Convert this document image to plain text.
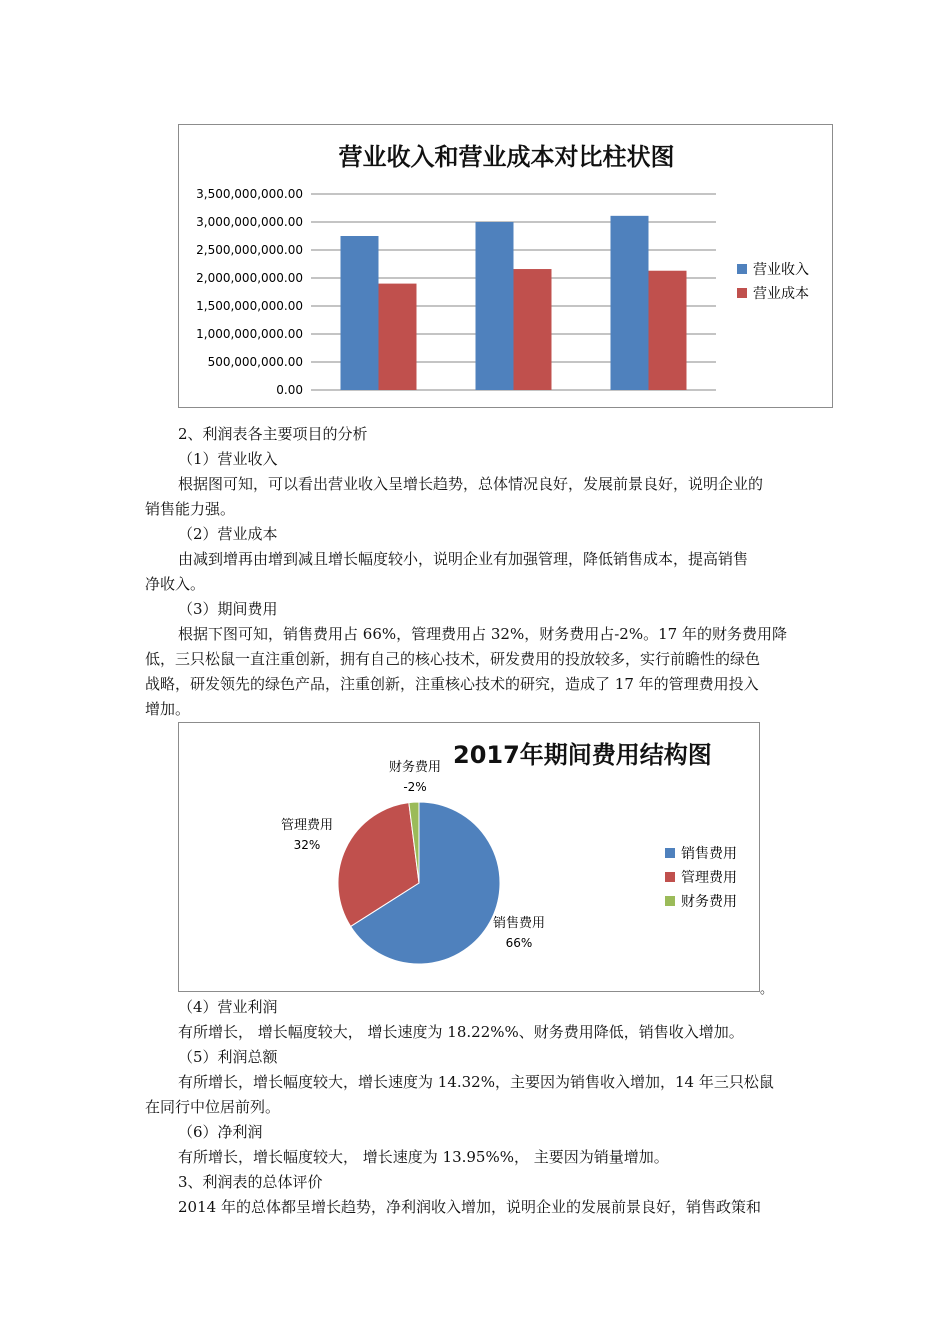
营业收入和营业成本对比柱状图
0.00
500,000,000.00
1,000,000,000.00
1,500,000,000.00
2,000,000,000.00
2,500,000,000.00
3,000,000,000.00
3,500,000,000.00
营业收入
营业成本
2、利润表各主要项目的分析
（1）营业收入
根据图可知，可以看出营业收入呈增长趋势，总体情况良好，发展前景良好，说明企业的
销售能力强。
（2）营业成本
由减到增再由增到减且增长幅度较小，说明企业有加强管理，降低销售成本，提高销售
净收入。
（3）期间费用
根据下图可知，销售费用占 66%，管理费用占 32%，财务费用占-2%。17 年的财务费用降
低，三只松鼠一直注重创新，拥有自己的核心技术，研发费用的投放较多，实行前瞻性的绿色
战略，研发领先的绿色产品，注重创新，注重核心技术的研究，造成了 17 年的管理费用投入
增加。
2017年期间费用结构图
销售费用
66%
管理费用
32%
财务费用
-2%
销售费用
管理费用
财务费用
。
（4）营业利润
有所增长， 增长幅度较大， 增长速度为 18.22%%、财务费用降低，销售收入增加。
（5）利润总额
有所增长，增长幅度较大，增长速度为 14.32%，主要因为销售收入增加，14 年三只松鼠
在同行中位居前列。
（6）净利润
有所增长，增长幅度较大， 增长速度为 13.95%%， 主要因为销量增加。
3、利润表的总体评价
2014 年的总体都呈增长趋势，净利润收入增加，说明企业的发展前景良好，销售政策和
